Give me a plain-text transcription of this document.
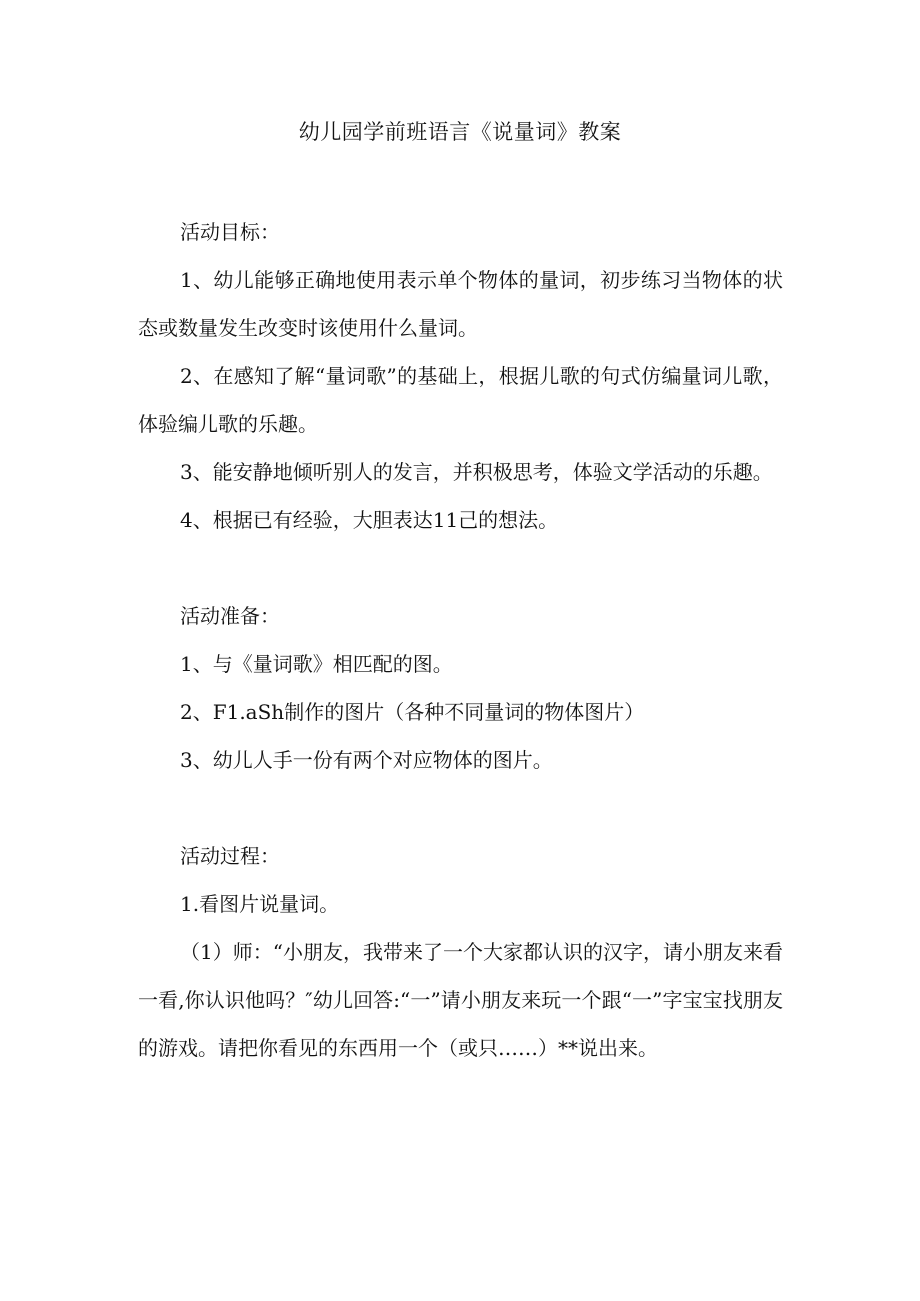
幼儿园学前班语言《说量词》教案

活动目标：

1、幼儿能够正确地使用表示单个物体的量词，初步练习当物体的状态或数量发生改变时该使用什么量词。

2、在感知了解“量词歌”的基础上，根据儿歌的句式仿编量词儿歌，体验编儿歌的乐趣。

3、能安静地倾听别人的发言，并积极思考，体验文学活动的乐趣。

4、根据已有经验，大胆表达11己的想法。

活动准备：

1、与《量词歌》相匹配的图。

2、F1.aSh制作的图片（各种不同量词的物体图片）

3、幼儿人手一份有两个对应物体的图片。

活动过程：

1.看图片说量词。

（1）师：“小朋友，我带来了一个大家都认识的汉字，请小朋友来看一看,你认识他吗？″幼儿回答:“一”请小朋友来玩一个跟“一”字宝宝找朋友的游戏。请把你看见的东西用一个（或只……）**说出来。
